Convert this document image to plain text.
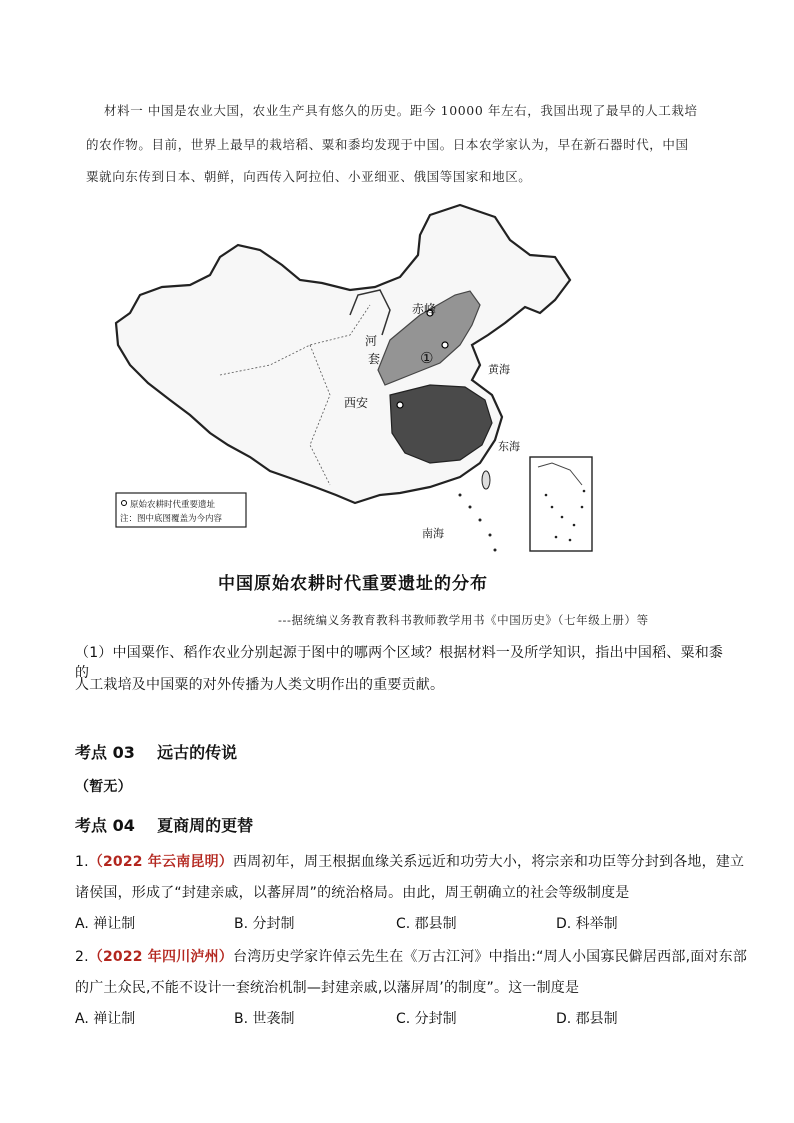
材料一 中国是农业大国，农业生产具有悠久的历史。距今 10000 年左右，我国出现了最早的人工栽培
的农作物。目前，世界上最早的栽培稻、粟和黍均发现于中国。日本农学家认为，早在新石器时代，中国
粟就向东传到日本、朝鲜，向西传入阿拉伯、小亚细亚、俄国等国家和地区。
赤峰
河
套	①
西安
黄海
东海
南海
原始农耕时代重要遗址
注：图中底图覆盖为今内容
中国原始农耕时代重要遗址的分布
---据统编义务教育教科书教师教学用书《中国历史》（七年级上册）等
（1）中国粟作、稻作农业分别起源于图中的哪两个区域？根据材料一及所学知识，指出中国稻、粟和黍的
人工栽培及中国粟的对外传播为人类文明作出的重要贡献。
考点 03    远古的传说
（暂无）
考点 04    夏商周的更替
1.（2022 年云南昆明）西周初年，周王根据血缘关系远近和功劳大小，将宗亲和功臣等分封到各地，建立
诸侯国，形成了“封建亲戚，以蕃屏周”的统治格局。由此，周王朝确立的社会等级制度是
A. 禅让制	B. 分封制	C. 郡县制	D. 科举制
2.（2022 年四川泸州）台湾历史学家许倬云先生在《万古江河》中指出:“周人小国寡民僻居西部,面对东部
的广土众民,不能不设计一套统治机制—封建亲戚,以藩屏周’的制度”。这一制度是
A. 禅让制	B. 世袭制	C. 分封制	D. 郡县制
